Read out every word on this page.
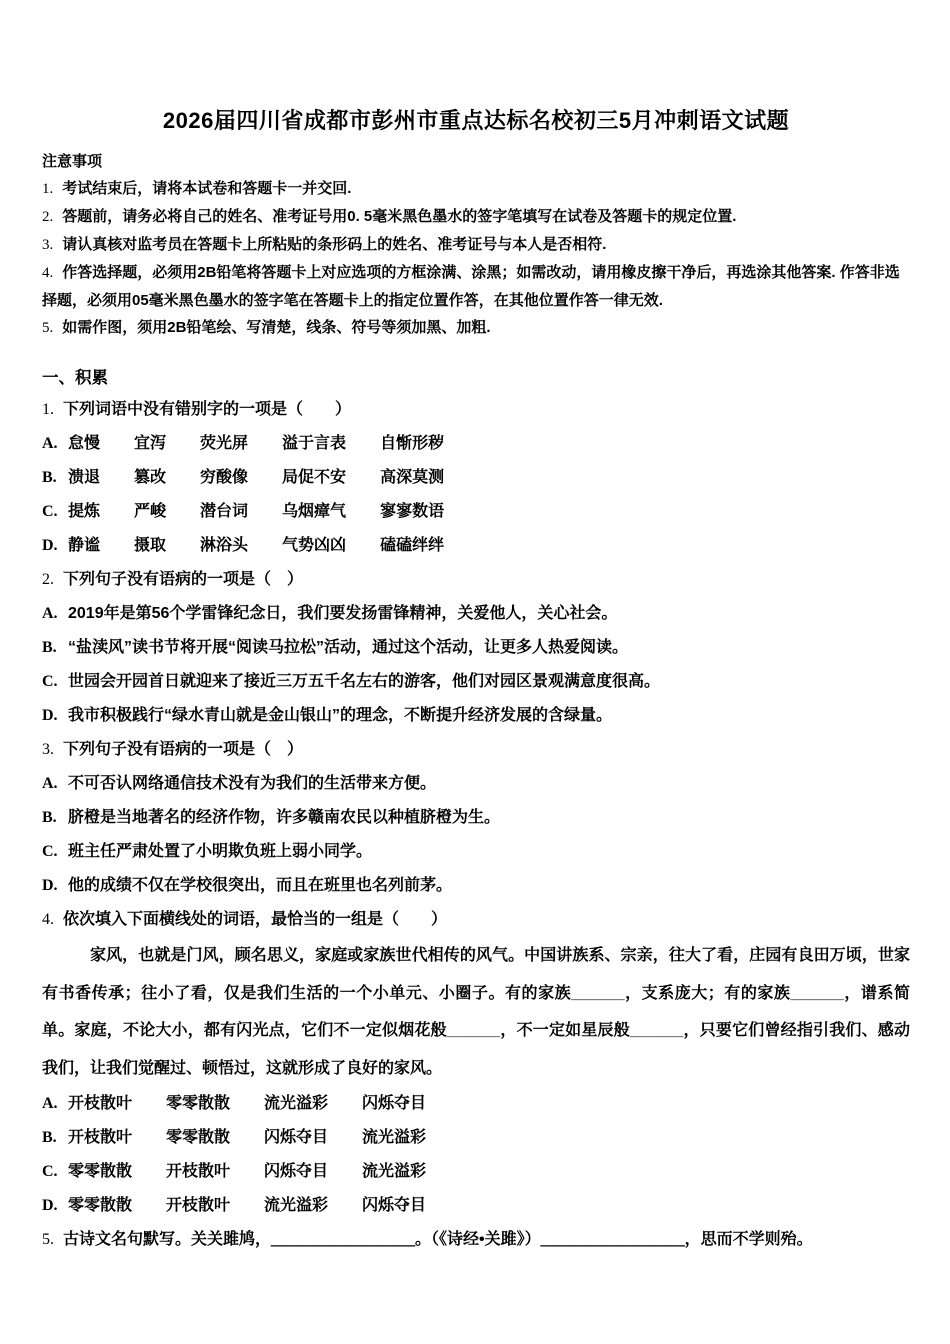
2026届四川省成都市彭州市重点达标名校初三5月冲刺语文试题
注意事项
1. 考试结束后，请将本试卷和答题卡一并交回.
2. 答题前，请务必将自己的姓名、准考证号用0. 5毫米黑色墨水的签字笔填写在试卷及答题卡的规定位置.
3. 请认真核对监考员在答题卡上所粘贴的条形码上的姓名、准考证号与本人是否相符.
4. 作答选择题，必须用2B铅笔将答题卡上对应选项的方框涂满、涂黑；如需改动，请用橡皮擦干净后，再选涂其他答案. 作答非选择题，必须用05毫米黑色墨水的签字笔在答题卡上的指定位置作答，在其他位置作答一律无效.
5. 如需作图，须用2B铅笔绘、写清楚，线条、符号等须加黑、加粗.
一、积累
1. 下列词语中没有错别字的一项是（　　）
A. 怠慢 宜泻 荧光屏 溢于言表 自惭形秽
B. 溃退 篡改 穷酸像 局促不安 高深莫测
C. 提炼 严峻 潜台词 乌烟瘴气 寥寥数语
D. 静谧 摄取 淋浴头 气势凶凶 磕磕绊绊
2. 下列句子没有语病的一项是（　）
A. 2019年是第56个学雷锋纪念日，我们要发扬雷锋精神，关爱他人，关心社会。
B. “盐渎风”读书节将开展“阅读马拉松”活动，通过这个活动，让更多人热爱阅读。
C. 世园会开园首日就迎来了接近三万五千名左右的游客，他们对园区景观满意度很高。
D. 我市积极践行“绿水青山就是金山银山”的理念，不断提升经济发展的含绿量。
3. 下列句子没有语病的一项是（　）
A. 不可否认网络通信技术没有为我们的生活带来方便。
B. 脐橙是当地著名的经济作物，许多赣南农民以种植脐橙为生。
C. 班主任严肃处置了小明欺负班上弱小同学。
D. 他的成绩不仅在学校很突出，而且在班里也名列前茅。
4. 依次填入下面横线处的词语，最恰当的一组是（　　）

家风，也就是门风，顾名思义，家庭或家族世代相传的风气。中国讲族系、宗亲，往大了看，庄园有良田万顷，世家有书香传承；往小了看，仅是我们生活的一个小单元、小圈子。有的家族______，支系庞大；有的家族______，谱系简单。家庭，不论大小，都有闪光点，它们不一定似烟花般______，不一定如星辰般______，只要它们曾经指引我们、感动我们，让我们觉醒过、顿悟过，这就形成了良好的家风。

A. 开枝散叶 零零散散 流光溢彩 闪烁夺目
B. 开枝散叶 零零散散 闪烁夺目 流光溢彩
C. 零零散散 开枝散叶 闪烁夺目 流光溢彩
D. 零零散散 开枝散叶 流光溢彩 闪烁夺目
5. 古诗文名句默写。关关雎鸠，＿＿＿＿＿＿＿＿＿。（《诗经•关雎》）＿＿＿＿＿＿＿＿＿，思而不学则殆。
